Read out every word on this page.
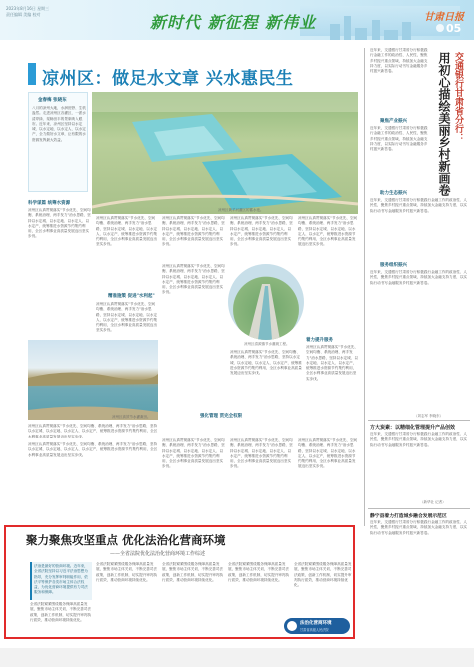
2023年8月16日 星期三
责任编辑 美编 校对	新时代 新征程 新伟业	甘肃日报
05
凉州区：做足水文章 兴水惠民生
金春梅 张晓东
八月的凉州大地，水润田野、生机盎然。走进凉州区各灌区，一派水清岸绿、渠畅田丰的景象映入眼帘。近年来，凉州区坚持以水定城、以水定地、以水定人、以水定产，全力做好水文章，让有限的水资源发挥最大效益。
凉州区黄羊河灌区的蓄水池。
科学谋篇 统筹水资源
凉州区认真贯彻落实"节水优先、空间均衡、系统治理、两手发力"治水思路，坚持以水定城、以水定地、以水定人、以水定产，统筹推进水资源节约集约利用，全区水利事业高质量发展迈出坚实步伐。
凉州区认真贯彻落实"节水优先、空间均衡、系统治理、两手发力"治水思路，坚持以水定城、以水定地、以水定人、以水定产，统筹推进水资源节约集约利用，全区水利事业高质量发展迈出坚实步伐。
凉州区认真贯彻落实"节水优先、空间均衡、系统治理、两手发力"治水思路，坚持以水定城、以水定地、以水定人、以水定产，统筹推进水资源节约集约利用，全区水利事业高质量发展迈出坚实步伐。
凉州区认真贯彻落实"节水优先、空间均衡、系统治理、两手发力"治水思路，坚持以水定城、以水定地、以水定人、以水定产，统筹推进水资源节约集约利用，全区水利事业高质量发展迈出坚实步伐。
凉州区认真贯彻落实"节水优先、空间均衡、系统治理、两手发力"治水思路，坚持以水定城、以水定地、以水定人、以水定产，统筹推进水资源节约集约利用，全区水利事业高质量发展迈出坚实步伐。
精准施策 促进"水利起"
凉州区认真贯彻落实"节水优先、空间均衡、系统治理、两手发力"治水思路，坚持以水定城、以水定地、以水定人、以水定产，统筹推进水资源节约集约利用，全区水利事业高质量发展迈出坚实步伐。
凉州区认真贯彻落实"节水优先、空间均衡、系统治理、两手发力"治水思路，坚持以水定城、以水定地、以水定人、以水定产，统筹推进水资源节约集约利用，全区水利事业高质量发展迈出坚实步伐。
凉州区清源镇节水灌溉工程。
着力提升服务
凉州区认真贯彻落实"节水优先、空间均衡、系统治理、两手发力"治水思路，坚持以水定城、以水定地、以水定人、以水定产，统筹推进水资源节约集约利用，全区水利事业高质量发展迈出坚实步伐。
凉州区认真贯彻落实"节水优先、空间均衡、系统治理、两手发力"治水思路，坚持以水定城、以水定地、以水定人、以水定产，统筹推进水资源节约集约利用，全区水利事业高质量发展迈出坚实步伐。
凉州区高效节水灌溉田。
凉州区认真贯彻落实"节水优先、空间均衡、系统治理、两手发力"治水思路，坚持以水定城、以水定地、以水定人、以水定产，统筹推进水资源节约集约利用，全区水利事业高质量发展迈出坚实步伐。
强化管理 贯完全权限
凉州区认真贯彻落实"节水优先、空间均衡、系统治理、两手发力"治水思路，坚持以水定城、以水定地、以水定人、以水定产，统筹推进水资源节约集约利用，全区水利事业高质量发展迈出坚实步伐。
凉州区认真贯彻落实"节水优先、空间均衡、系统治理、两手发力"治水思路，坚持以水定城、以水定地、以水定人、以水定产，统筹推进水资源节约集约利用，全区水利事业高质量发展迈出坚实步伐。
凉州区认真贯彻落实"节水优先、空间均衡、系统治理、两手发力"治水思路，坚持以水定城、以水定地、以水定人、以水定产，统筹推进水资源节约集约利用，全区水利事业高质量发展迈出坚实步伐。
凉州区认真贯彻落实"节水优先、空间均衡、系统治理、两手发力"治水思路，坚持以水定城、以水定地、以水定人、以水定产，统筹推进水资源节约集约利用，全区水利事业高质量发展迈出坚实步伐。
近年来，交通银行甘肃省分行积极践行金融工作的政治性、人民性，聚焦乡村振兴重点领域，持续加大金融支持力度，以实际行动书写金融服务乡村振兴新答卷。
聚焦产业振兴
近年来，交通银行甘肃省分行积极践行金融工作的政治性、人民性，聚焦乡村振兴重点领域，持续加大金融支持力度，以实际行动书写金融服务乡村振兴新答卷。
助力生态振兴
近年来，交通银行甘肃省分行积极践行金融工作的政治性、人民性，聚焦乡村振兴重点领域，持续加大金融支持力度，以实际行动书写金融服务乡村振兴新答卷。
服务组织振兴
近年来，交通银行甘肃省分行积极践行金融工作的政治性、人民性，聚焦乡村振兴重点领域，持续加大金融支持力度，以实际行动书写金融服务乡村振兴新答卷。
（刘志军 李晓东）
交通银行甘肃省分行：
用初心描绘美丽乡村新画卷
方大炭素：以精细化管理提升产品创效
近年来，交通银行甘肃省分行积极践行金融工作的政治性、人民性，聚焦乡村振兴重点领域，持续加大金融支持力度，以实际行动书写金融服务乡村振兴新答卷。
（新华社 记者）
静宁县着力打造城乡融合发展示范区
近年来，交通银行甘肃省分行积极践行金融工作的政治性、人民性，聚焦乡村振兴重点领域，持续加大金融支持力度，以实际行动书写金融服务乡村振兴新答卷。
聚力聚焦攻坚重点 优化法治化营商环境
——全省法院优化法治化营商环境工作综述
法治是最好的营商环境。近年来，全省法院坚持以习近平法治思想为指导，充分发挥审判职能作用，依法平等保护各类市场主体合法权益，为优化营商环境提供有力司法服务和保障。
全省法院紧紧围绕服务保障高质量发展，聚焦市场主体关切，不断完善司法政策，创新工作机制，切实提升审判执行质效，推动营商环境持续优化。
全省法院紧紧围绕服务保障高质量发展，聚焦市场主体关切，不断完善司法政策，创新工作机制，切实提升审判执行质效，推动营商环境持续优化。
全省法院紧紧围绕服务保障高质量发展，聚焦市场主体关切，不断完善司法政策，创新工作机制，切实提升审判执行质效，推动营商环境持续优化。
全省法院紧紧围绕服务保障高质量发展，聚焦市场主体关切，不断完善司法政策，创新工作机制，切实提升审判执行质效，推动营商环境持续优化。
全省法院紧紧围绕服务保障高质量发展，聚焦市场主体关切，不断完善司法政策，创新工作机制，切实提升审判执行质效，推动营商环境持续优化。
法治化营商环境
甘肃省高级人民法院
